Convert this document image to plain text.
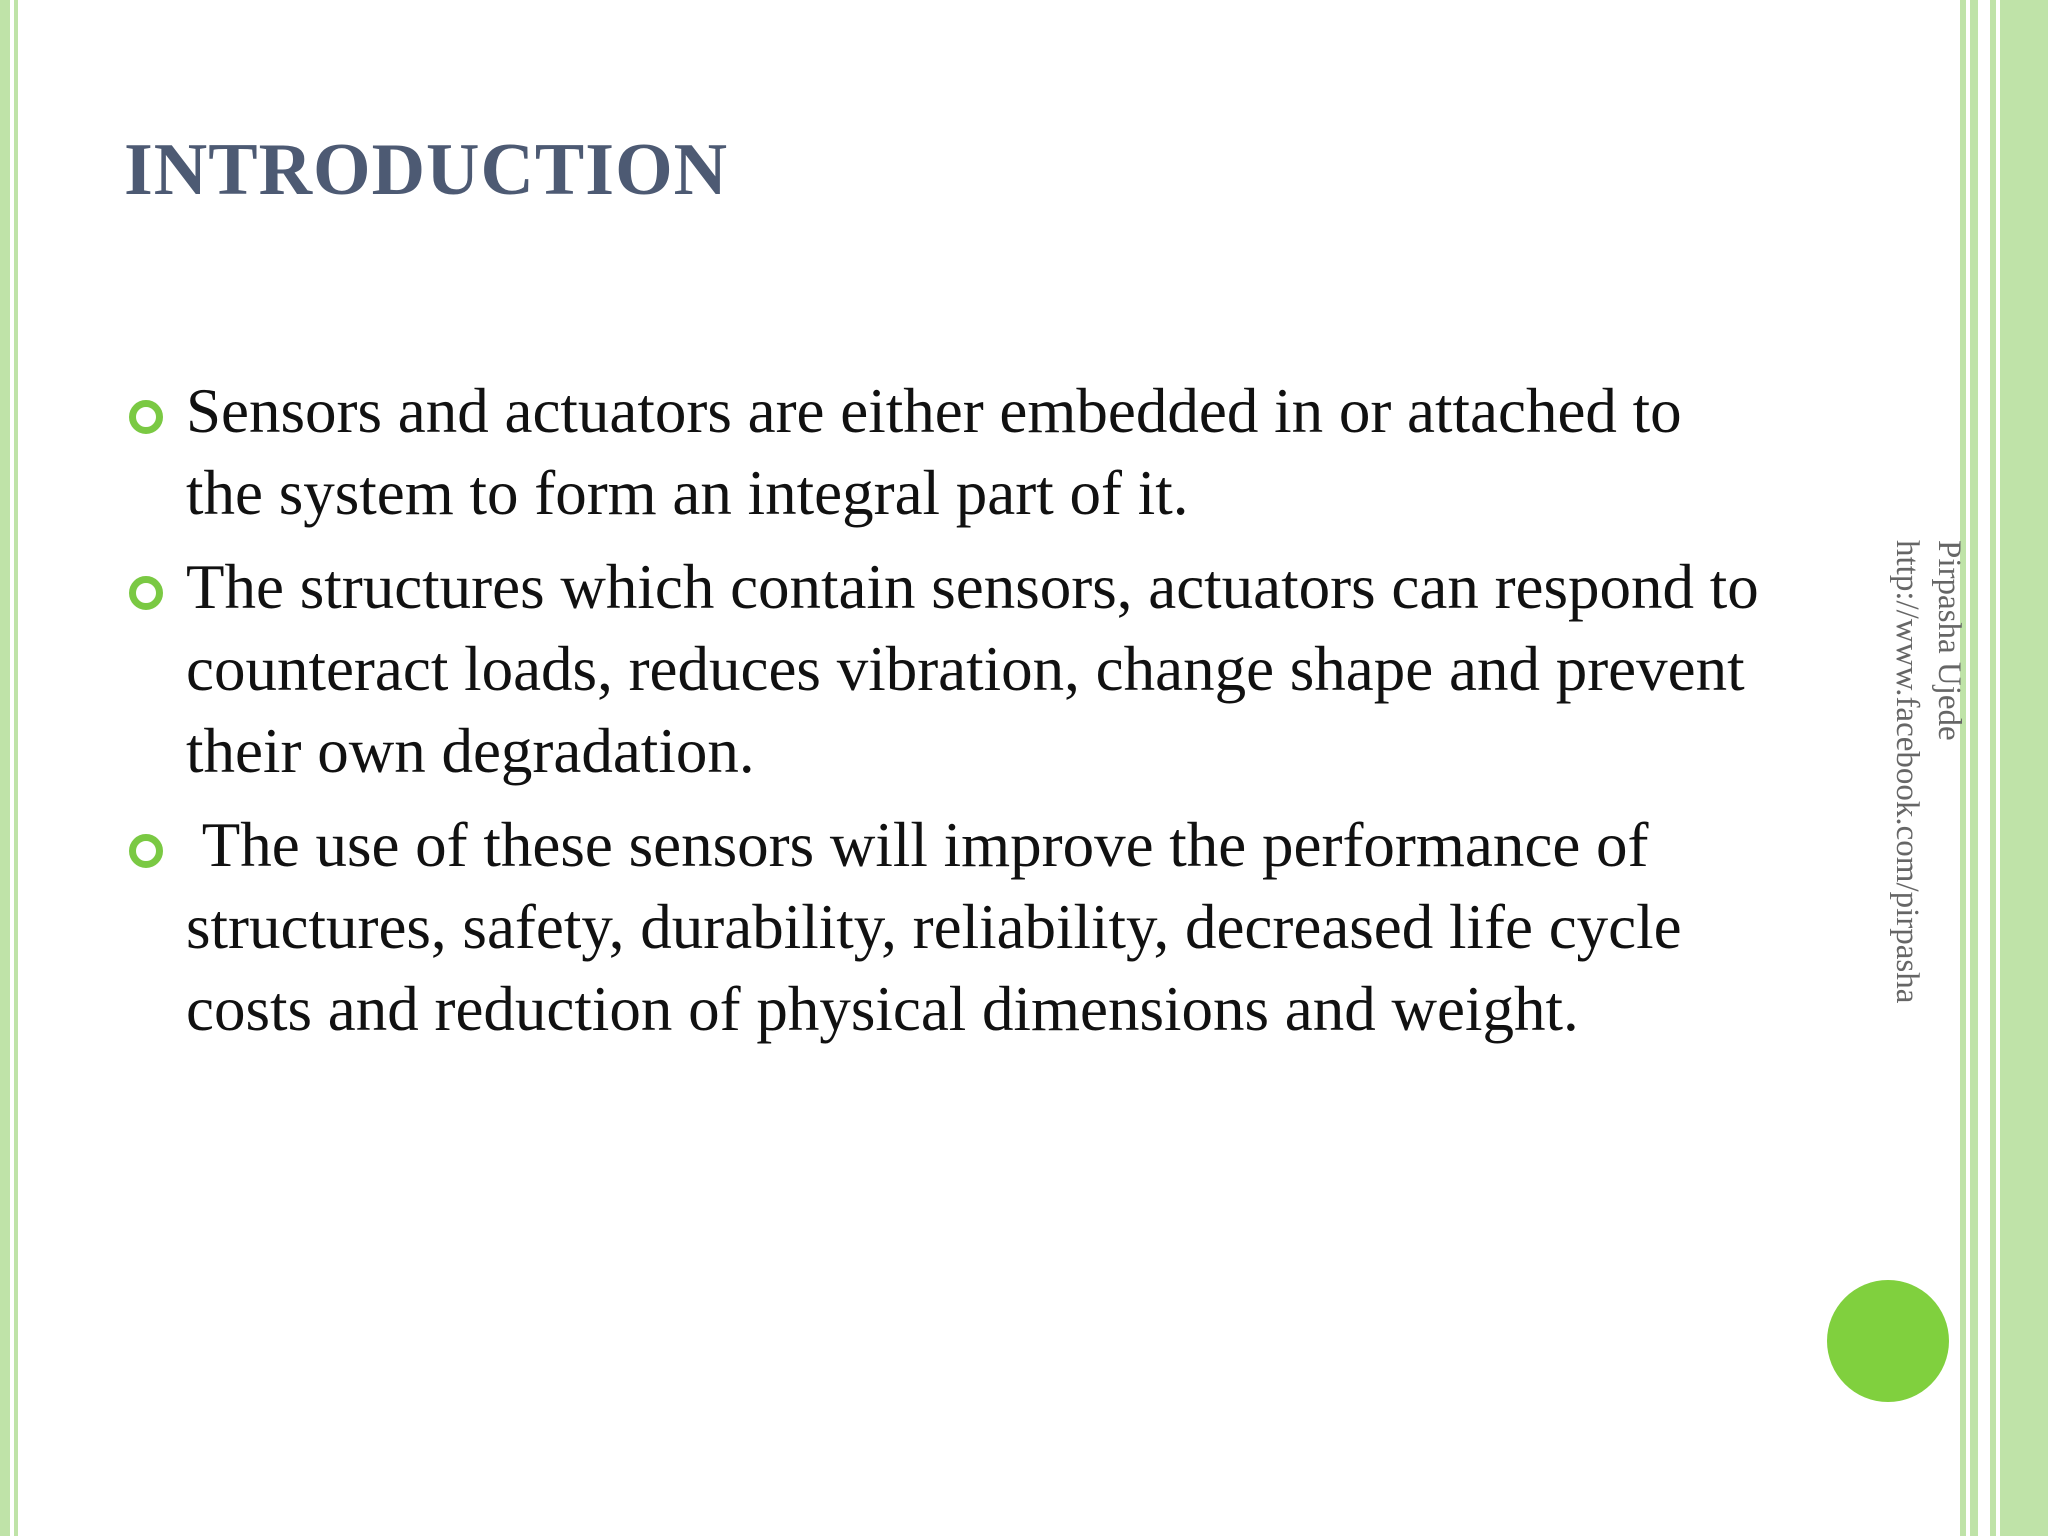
INTRODUCTION
Sensors and actuators are either embedded in or attached to the system to form an integral part of it.
The structures which contain sensors, actuators can respond to counteract loads, reduces vibration, change shape and prevent their own degradation.
The use of these sensors will improve the performance of structures, safety, durability, reliability, decreased life cycle costs and reduction of physical dimensions and weight.
Pirpasha Ujede
http://www.facebook.com/pirpasha
